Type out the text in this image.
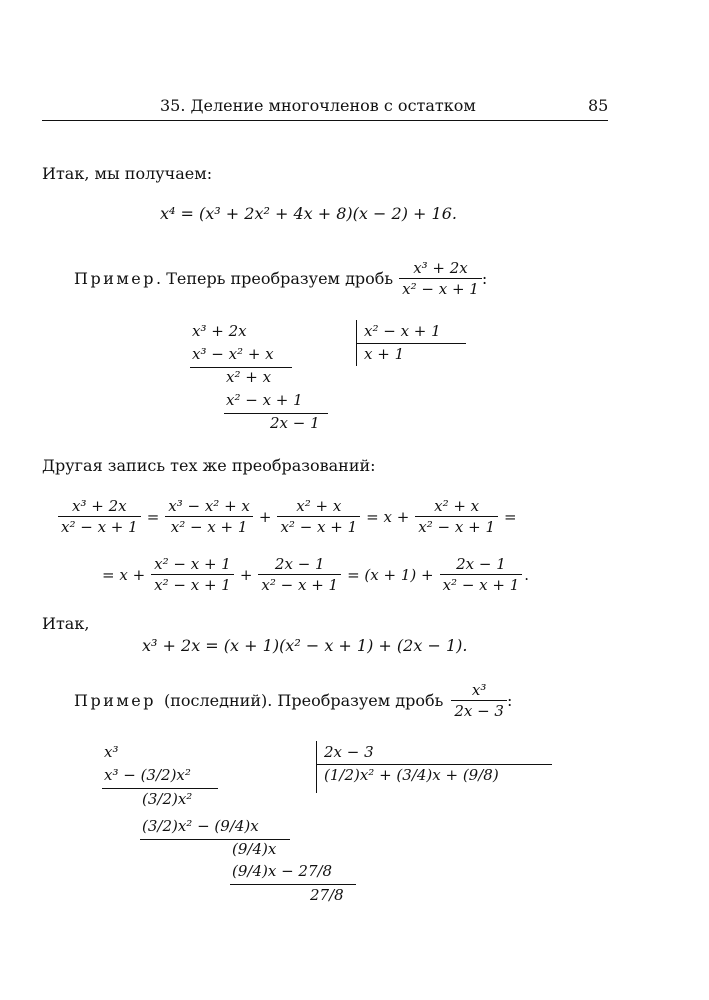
35. Деление многочленов с остатком	85
Итак, мы получаем:
x⁴ = (x³ + 2x² + 4x + 8)(x − 2) + 16.
Пример . Теперь преобразуем дробь $\frac{\text{x³ + 2x}}{\text{x² − x + 1}}$ :
x³ + 2x
x³ − x² + x
x² + x
x² − x + 1
2x − 1
x² − x + 1
x + 1
Другая запись тех же преобразований:
$\frac{\text{x³ + 2x}}{\text{x² − x + 1}} = \frac{\text{x³ − x² + x}}{\text{x² − x + 1}} + \frac{\text{x² + x}}{\text{x² − x + 1}} = x + \frac{\text{x² + x}}{\text{x² − x + 1}}$ =
= $x + \frac{\text{x² − x + 1}}{\text{x² − x + 1}} + \frac{2x - 1}{\text{x² − x + 1}} = (x + 1) + \frac{2x - 1}{\text{x² − x + 1}}$ .
Итак,
x³ + 2x = (x + 1)(x² − x + 1) + (2x − 1).
Пример (последний). Преобразуем дробь $\frac{\text{x³}}{2x - 3}$ :
x³
x³ − (3/2)x²
(3/2)x²
(3/2)x² − (9/4)x
(9/4)x
(9/4)x − 27/8
27/8
2x − 3
(1/2)x² + (3/4)x + (9/8)
